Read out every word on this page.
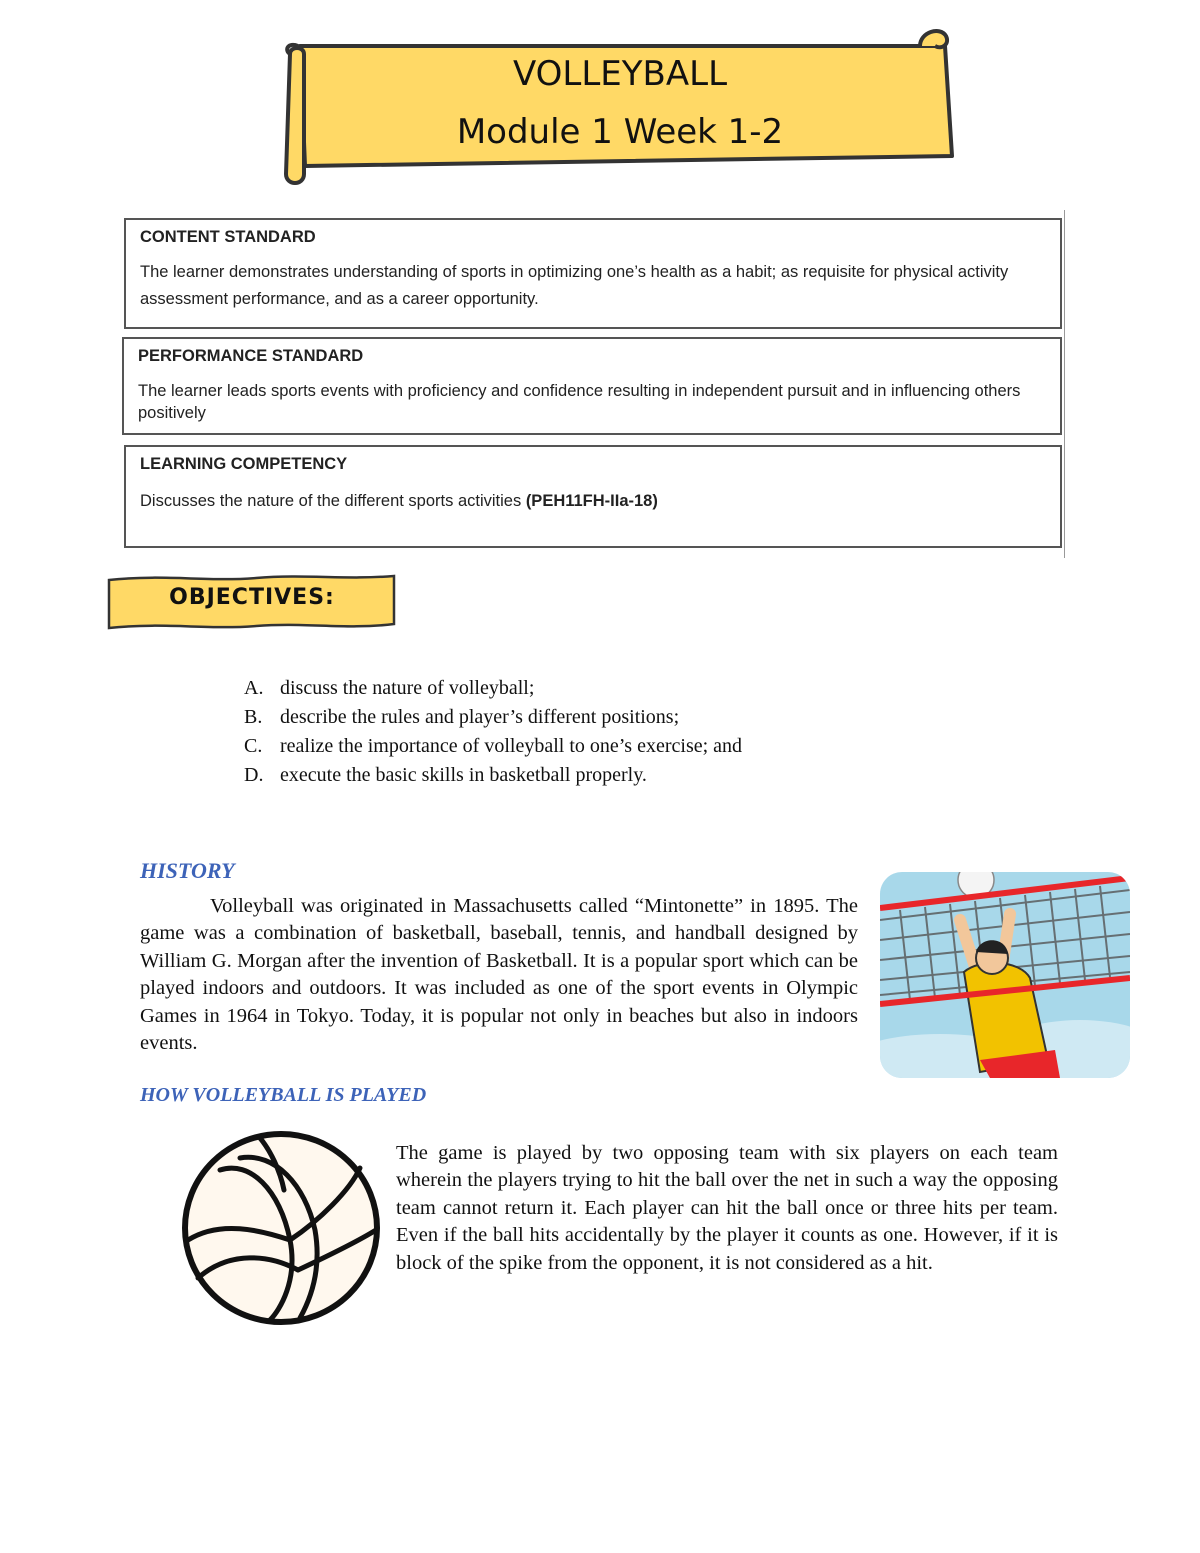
VOLLEYBALL
Module 1 Week 1-2
CONTENT STANDARD
The learner demonstrates understanding of sports in optimizing one’s health as a habit; as requisite for physical activity assessment performance, and as a career opportunity.
PERFORMANCE STANDARD
The learner leads sports events with proficiency and confidence resulting in independent pursuit and in influencing others positively
LEARNING COMPETENCY
Discusses the nature of the different sports activities (PEH11FH-IIa-18)
OBJECTIVES:
A. discuss the nature of volleyball;
B. describe the rules and player’s different positions;
C. realize the importance of volleyball to one’s exercise; and
D. execute the basic skills in basketball properly.
HISTORY
Volleyball was originated in Massachusetts called “Mintonette” in 1895. The game was a combination of basketball, baseball, tennis, and handball designed by William G. Morgan after the invention of Basketball. It is a popular sport which can be played indoors and outdoors. It was included as one of the sport events in Olympic Games in 1964 in Tokyo. Today, it is popular not only in beaches but also in indoors events.
HOW VOLLEYBALL IS PLAYED
The game is played by two opposing team with six players on each team wherein the players trying to hit the ball over the net in such a way the opposing team cannot return it. Each player can hit the ball once or three hits per team. Even if the ball hits accidentally by the player it counts as one. However, if it is block of the spike from the opponent, it is not considered as a hit.
